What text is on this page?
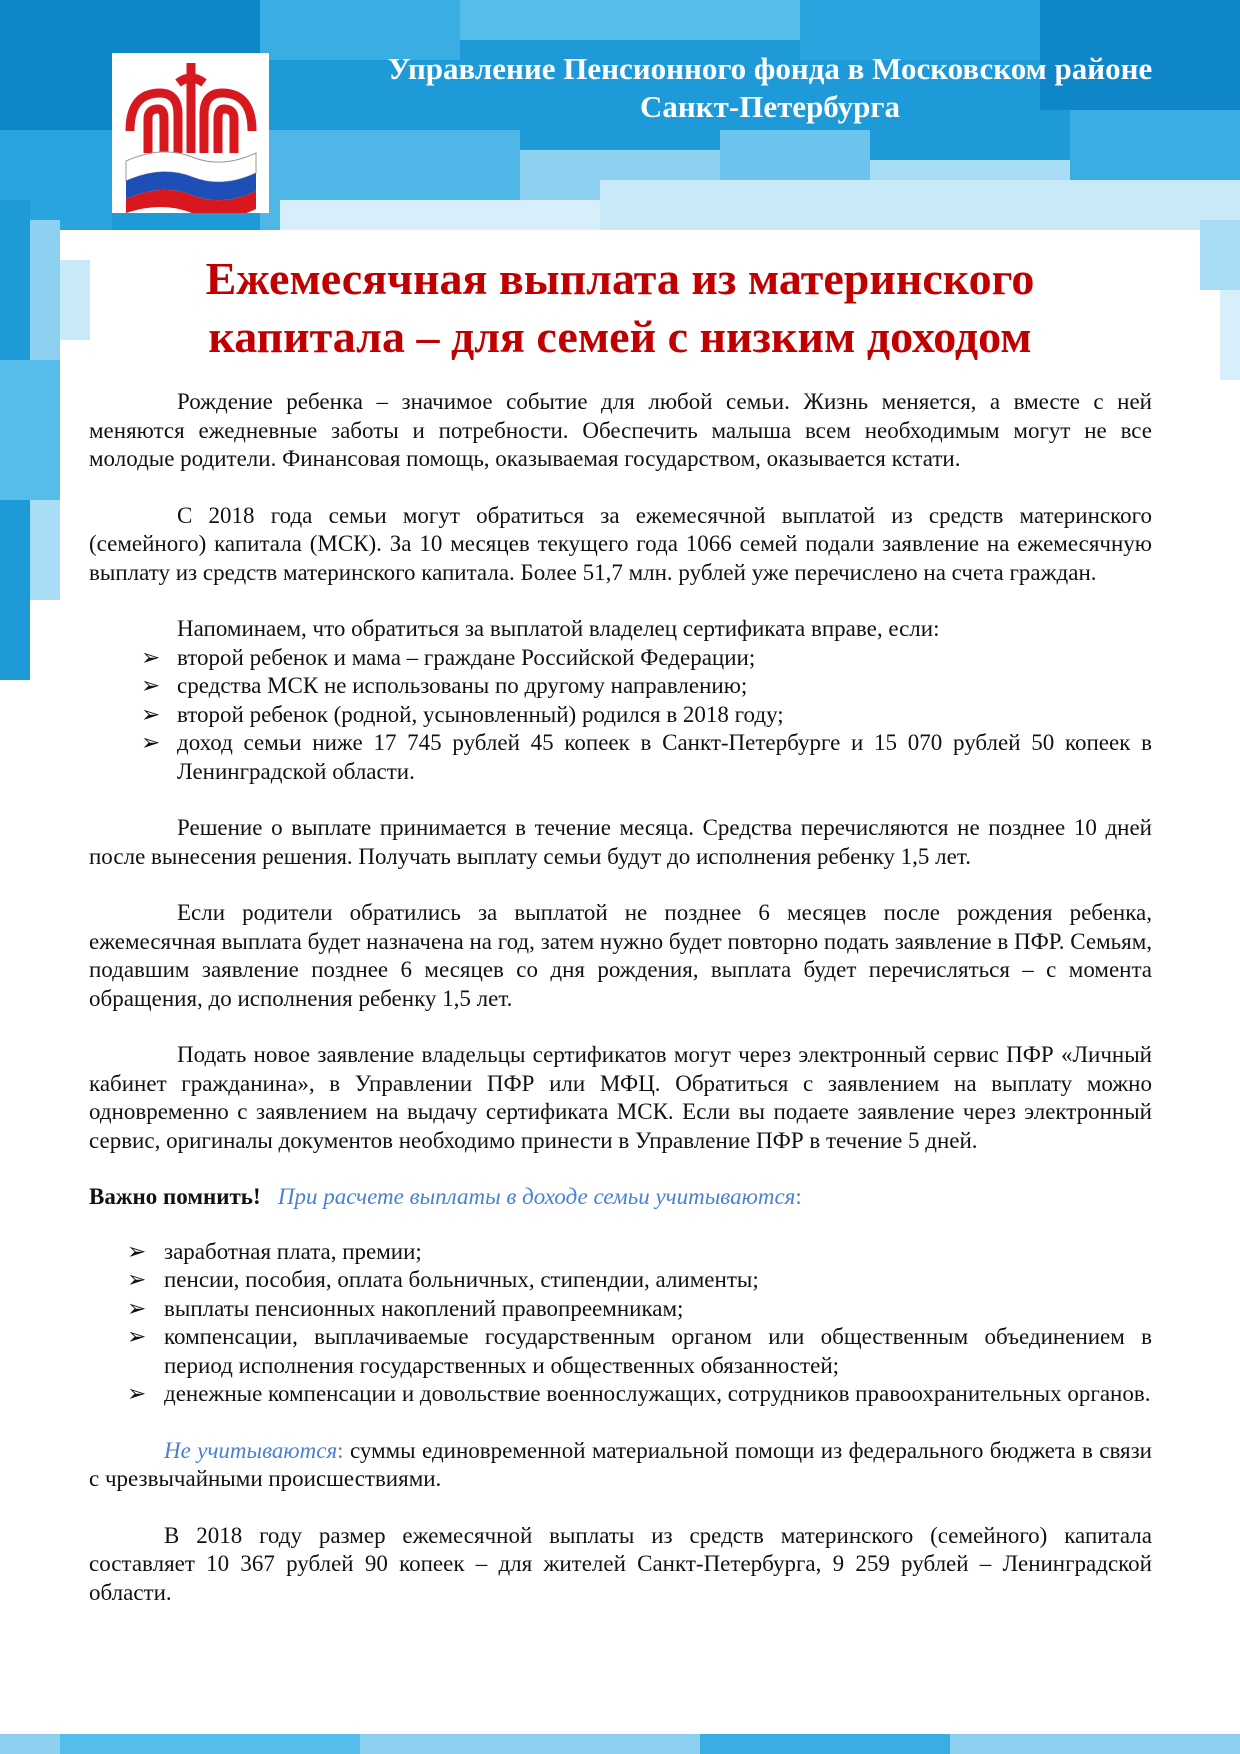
Управление Пенсионного фонда в Московском районе Санкт-Петербурга
Ежемесячная выплата из материнского капитала – для семей с низким доходом

Рождение ребенка – значимое событие для любой семьи. Жизнь меняется, а вместе с ней меняются ежедневные заботы и потребности. Обеспечить малыша всем необходимым могут не все молодые родители. Финансовая помощь, оказываемая государством, оказывается кстати.

С 2018 года семьи могут обратиться за ежемесячной выплатой из средств материнского (семейного) капитала (МСК). За 10 месяцев текущего года 1066 семей подали заявление на ежемесячную выплату из средств материнского капитала. Более 51,7 млн. рублей уже перечислено на счета граждан.

Напоминаем, что обратиться за выплатой владелец сертификата вправе, если:

➢ второй ребенок и мама – граждане Российской Федерации;
➢ средства МСК не использованы по другому направлению;
➢ второй ребенок (родной, усыновленный) родился в 2018 году;
➢ доход семьи ниже 17 745 рублей 45 копеек в Санкт-Петербурге и 15 070 рублей 50 копеек в Ленинградской области.

Решение о выплате принимается в течение месяца. Средства перечисляются не позднее 10 дней после вынесения решения. Получать выплату семьи будут до исполнения ребенку 1,5 лет.

Если родители обратились за выплатой не позднее 6 месяцев после рождения ребенка, ежемесячная выплата будет назначена на год, затем нужно будет повторно подать заявление в ПФР. Семьям, подавшим заявление позднее 6 месяцев со дня рождения, выплата будет перечисляться – с момента обращения, до исполнения ребенку 1,5 лет.

Подать новое заявление владельцы сертификатов могут через электронный сервис ПФР «Личный кабинет гражданина», в Управлении ПФР или МФЦ. Обратиться с заявлением на выплату можно одновременно с заявлением на выдачу сертификата МСК. Если вы подаете заявление через электронный сервис, оригиналы документов необходимо принести в Управление ПФР в течение 5 дней.

Важно помнить! При расчете выплаты в доходе семьи учитываются:

➢ заработная плата, премии;
➢ пенсии, пособия, оплата больничных, стипендии, алименты;
➢ выплаты пенсионных накоплений правопреемникам;
➢ компенсации, выплачиваемые государственным органом или общественным объединением в период исполнения государственных и общественных обязанностей;
➢ денежные компенсации и довольствие военнослужащих, сотрудников правоохранительных органов.

Не учитываются: суммы единовременной материальной помощи из федерального бюджета в связи с чрезвычайными происшествиями.

В 2018 году размер ежемесячной выплаты из средств материнского (семейного) капитала составляет 10 367 рублей 90 копеек – для жителей Санкт-Петербурга, 9 259 рублей – Ленинградской области.
